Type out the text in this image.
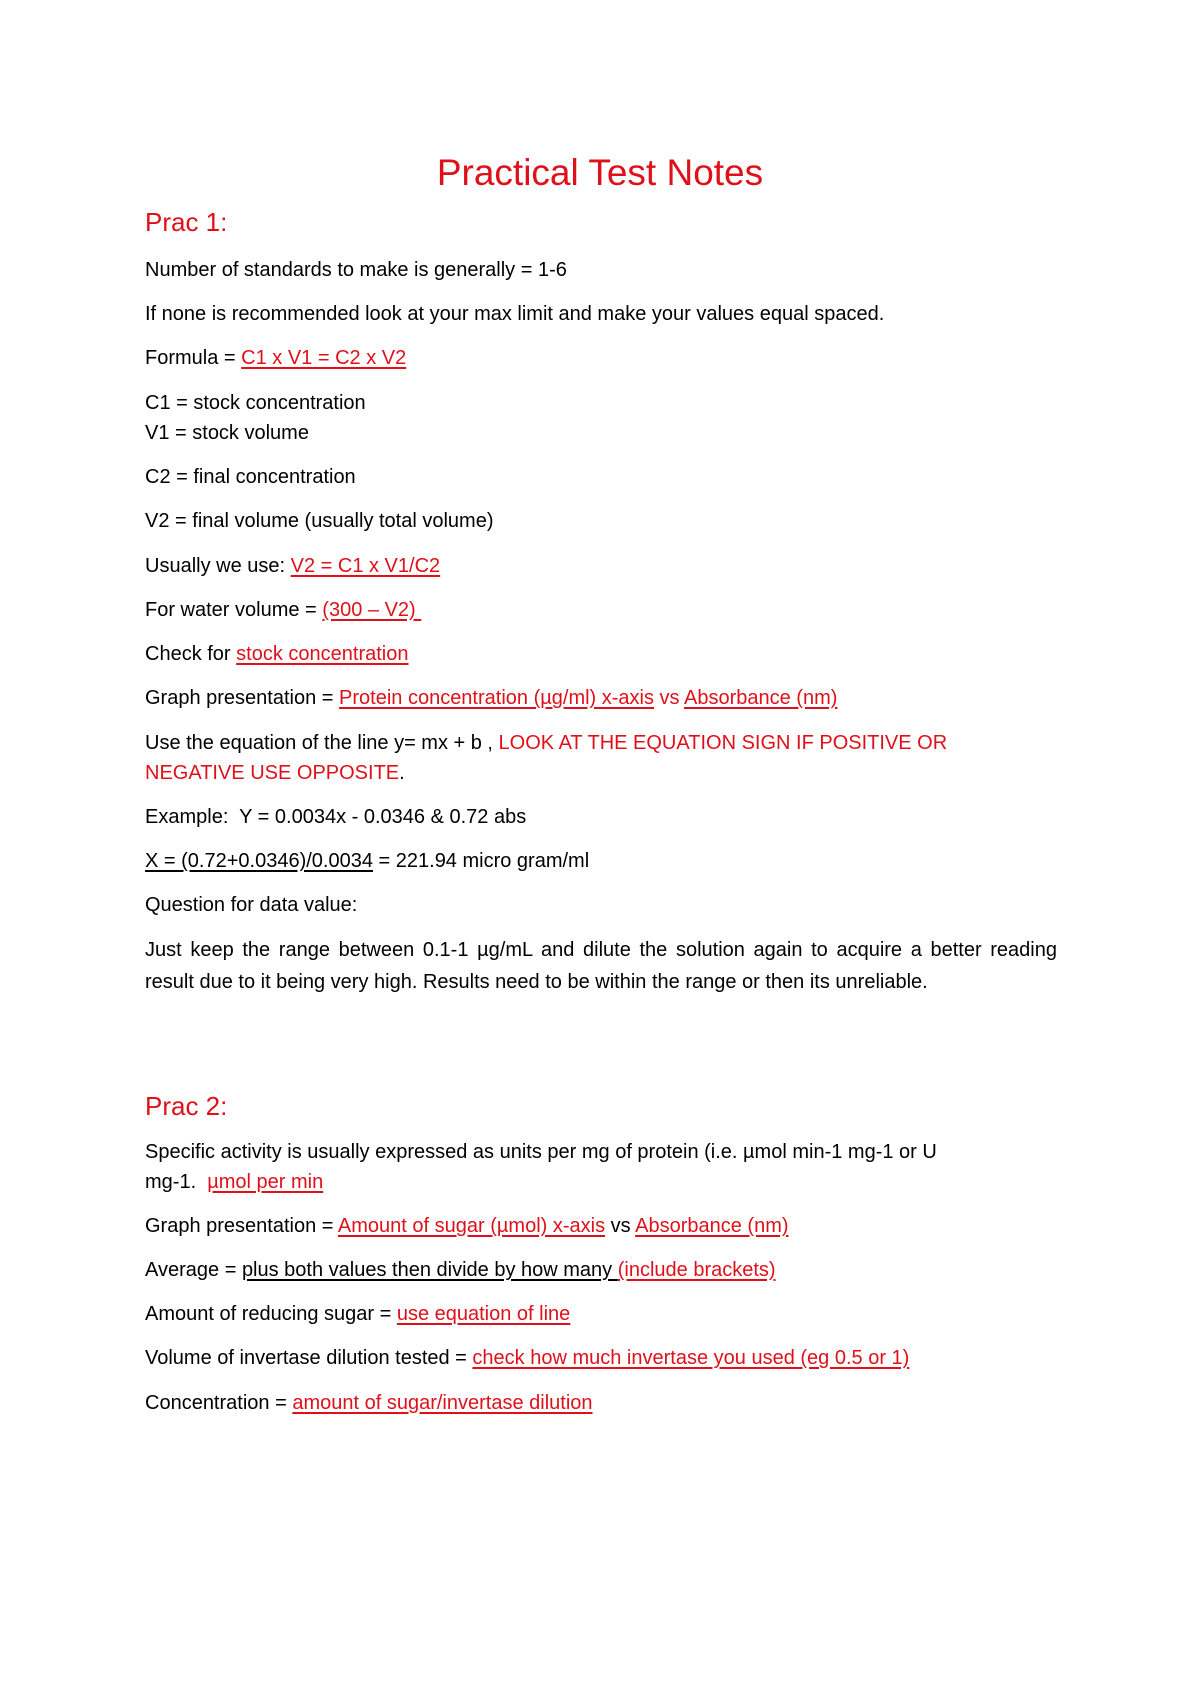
Practical Test Notes
Prac 1:
Number of standards to make is generally = 1-6
If none is recommended look at your max limit and make your values equal spaced.
Formula = C1 x V1 = C2 x V2
C1 = stock concentration
V1 = stock volume
C2 = final concentration
V2 = final volume (usually total volume)
Usually we use: V2 = C1 x V1/C2
For water volume = (300 – V2)
Check for stock concentration
Graph presentation = Protein concentration (µg/ml) x-axis vs Absorbance (nm)
Use the equation of the line y= mx + b , LOOK AT THE EQUATION SIGN IF POSITIVE OR
NEGATIVE USE OPPOSITE.
Example:  Y = 0.0034x - 0.0346 & 0.72 abs
X = (0.72+0.0346)/0.0034 = 221.94 micro gram/ml
Question for data value:
Just keep the range between 0.1-1 µg/mL and dilute the solution again to acquire a better reading result due to it being very high. Results need to be within the range or then its unreliable.
Prac 2:
Specific activity is usually expressed as units per mg of protein (i.e. µmol min-1 mg-1 or U
mg-1.  µmol per min
Graph presentation = Amount of sugar (µmol) x-axis vs Absorbance (nm)
Average = plus both values then divide by how many (include brackets)
Amount of reducing sugar = use equation of line
Volume of invertase dilution tested = check how much invertase you used (eg 0.5 or 1)
Concentration = amount of sugar/invertase dilution
